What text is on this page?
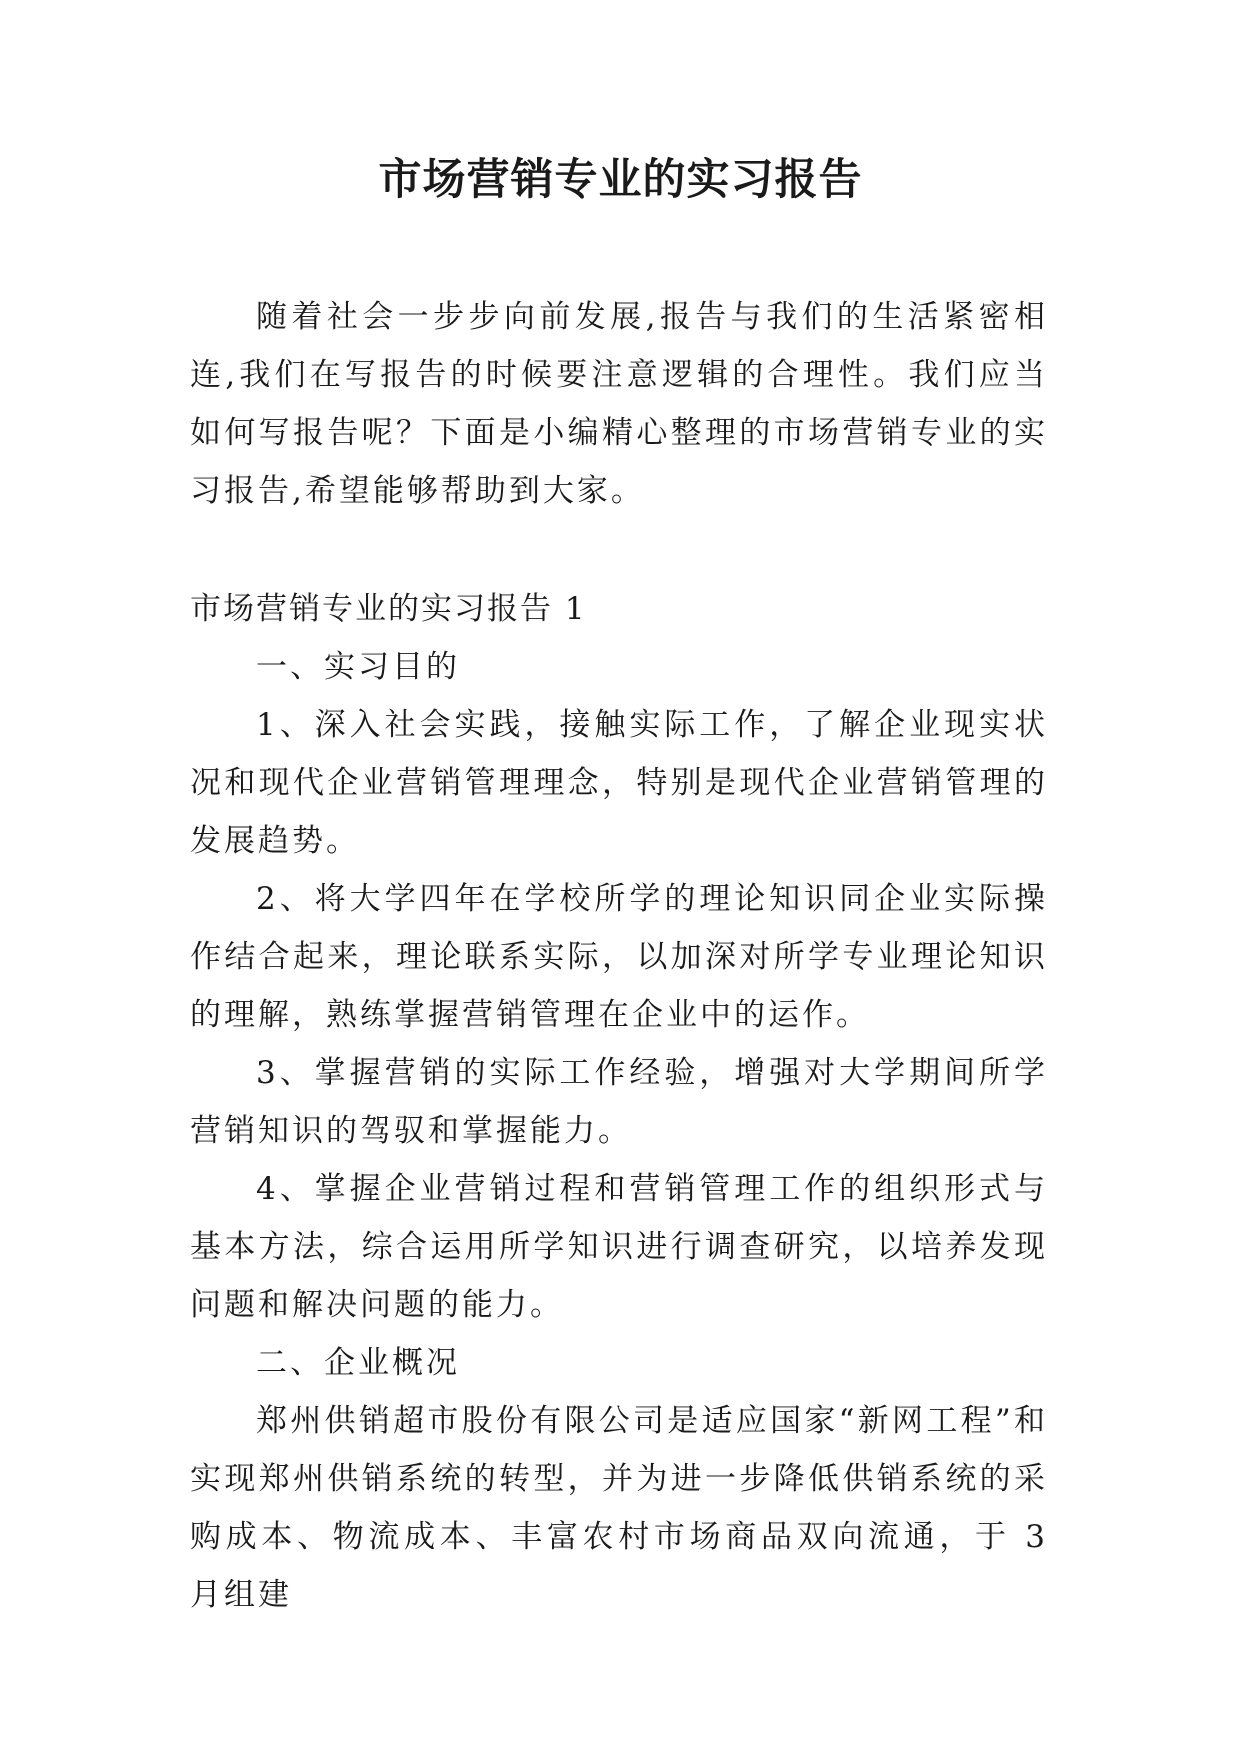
市场营销专业的实习报告

随着社会一步步向前发展,报告与我们的生活紧密相连,我们在写报告的时候要注意逻辑的合理性。我们应当如何写报告呢？下面是小编精心整理的市场营销专业的实习报告,希望能够帮助到大家。

市场营销专业的实习报告 1

一、实习目的

1、深入社会实践，接触实际工作，了解企业现实状况和现代企业营销管理理念，特别是现代企业营销管理的发展趋势。

2、将大学四年在学校所学的理论知识同企业实际操作结合起来，理论联系实际，以加深对所学专业理论知识的理解，熟练掌握营销管理在企业中的运作。

3、掌握营销的实际工作经验，增强对大学期间所学营销知识的驾驭和掌握能力。

4、掌握企业营销过程和营销管理工作的组织形式与基本方法，综合运用所学知识进行调查研究，以培养发现问题和解决问题的能力。

二、企业概况

郑州供销超市股份有限公司是适应国家“新网工程”和实现郑州供销系统的转型，并为进一步降低供销系统的采购成本、物流成本、丰富农村市场商品双向流通，于 3 月组建
